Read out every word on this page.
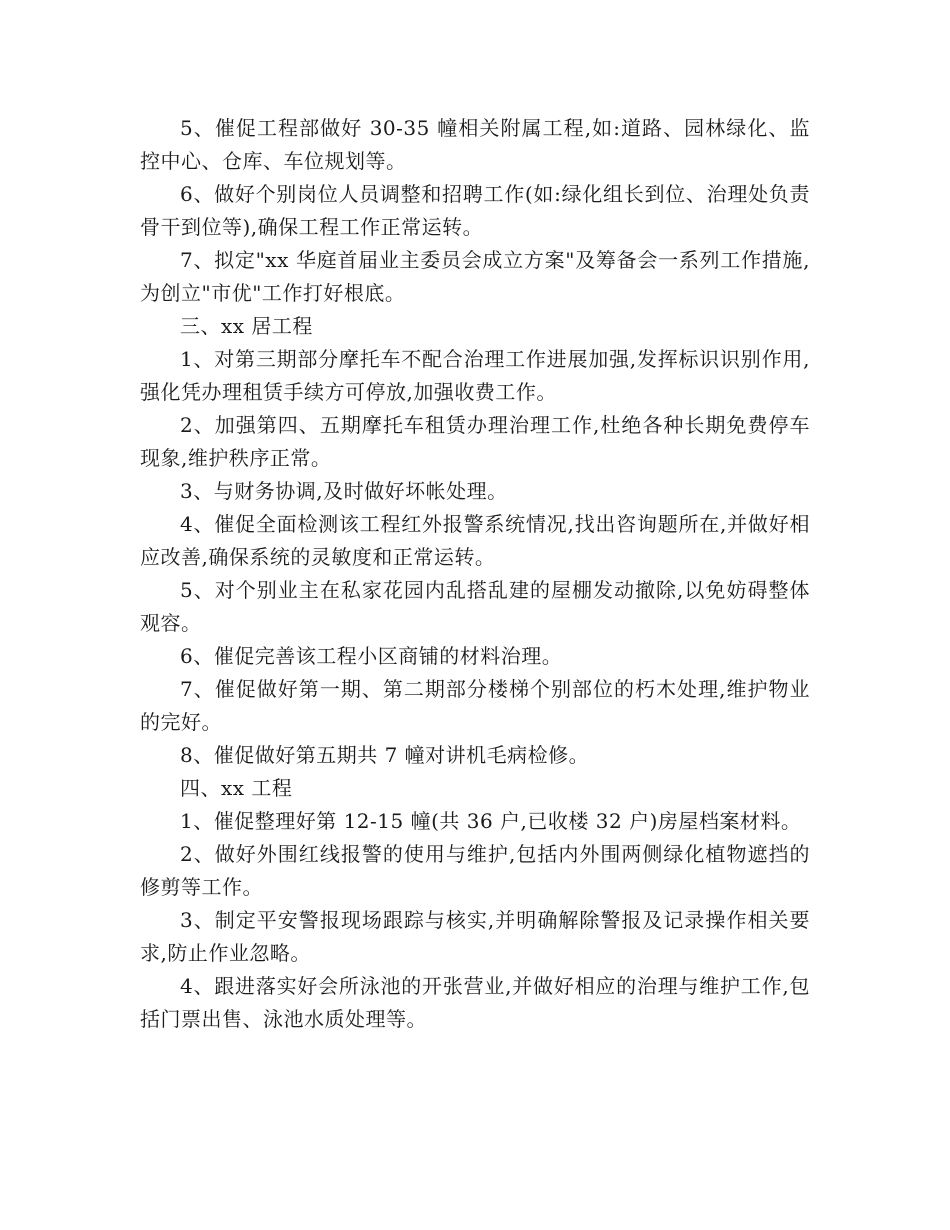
5、催促工程部做好 30-35 幢相关附属工程,如:道路、园林绿化、监控中心、仓库、车位规划等。

6、做好个别岗位人员调整和招聘工作(如:绿化组长到位、治理处负责骨干到位等),确保工程工作正常运转。

7、拟定"xx 华庭首届业主委员会成立方案"及筹备会一系列工作措施,为创立"市优"工作打好根底。

三、xx 居工程

1、对第三期部分摩托车不配合治理工作进展加强,发挥标识识别作用,强化凭办理租赁手续方可停放,加强收费工作。

2、加强第四、五期摩托车租赁办理治理工作,杜绝各种长期免费停车现象,维护秩序正常。

3、与财务协调,及时做好坏帐处理。

4、催促全面检测该工程红外报警系统情况,找出咨询题所在,并做好相应改善,确保系统的灵敏度和正常运转。

5、对个别业主在私家花园内乱搭乱建的屋棚发动撤除,以免妨碍整体观容。

6、催促完善该工程小区商铺的材料治理。

7、催促做好第一期、第二期部分楼梯个别部位的朽木处理,维护物业的完好。

8、催促做好第五期共 7 幢对讲机毛病检修。

四、xx 工程

1、催促整理好第 12-15 幢(共 36 户,已收楼 32 户)房屋档案材料。

2、做好外围红线报警的使用与维护,包括内外围两侧绿化植物遮挡的修剪等工作。

3、制定平安警报现场跟踪与核实,并明确解除警报及记录操作相关要求,防止作业忽略。

4、跟进落实好会所泳池的开张营业,并做好相应的治理与维护工作,包括门票出售、泳池水质处理等。
